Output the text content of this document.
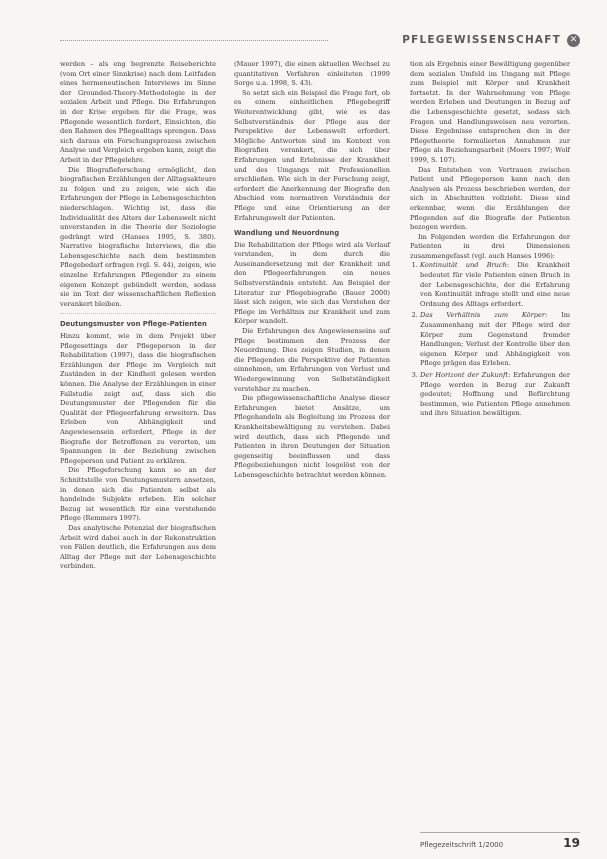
PFLEGEWISSENSCHAFT ✕

werden – als eng begrenzte Reiseberichte (vom Ort einer Sinnkrise) nach dem Leitfaden eines hermeneutischen Interviews im Sinne der Grounded-Theory-Methodologie in der sozialen Arbeit und Pflege. Die Erfahrungen in der Krise ergeben für die Frage, was Pflegende wesentlich fordert, Einsichten, die den Rahmen des Pflegealltags sprengen. Dass sich daraus ein Forschungsprozess zwischen Analyse und Vergleich ergeben kann, zeigt die Arbeit in der Pflegelehre.

Die Biografieforschung ermöglicht, den biografischen Erzählungen der Alltagsakteure zu folgen und zu zeigen, wie sich die Erfahrungen der Pflege in Lebensgeschichten niederschlagen. Wichtig ist, dass die Individualität des Alters der Lebenswelt nicht unverstanden in die Theorie der Soziologie gedrängt wird (Hanses 1995, S. 380). Narrative biografische Interviews, die die Lebensgeschichte nach dem bestimmten Pflegebedarf erfragen (vgl. S. 44), zeigen, wie einzelne Erfahrungen Pflegender zu einem eigenen Konzept gebündelt werden, sodass sie im Text der wissenschaftlichen Reflexion verankert bleiben.

Deutungsmuster von Pflege-Patienten

Hinzu kommt, wie in dem Projekt über Pflegesettings der Pflegeperson in der Rehabilitation (1997), dass die biografischen Erzählungen der Pflege im Vergleich mit Zuständen in der Kindheit gelesen werden können. Die Analyse der Erzählungen in einer Fallstudie zeigt auf, dass sich die Deutungsmuster der Pflegenden für die Qualität der Pflegeerfahrung erweitern. Das Erleben von Abhängigkeit und Angewiesensein erfordert, Pflege in der Biografie der Betroffenen zu verorten, um Spannungen in der Beziehung zwischen Pflegeperson und Patient zu erklären.

Die Pflegeforschung kann so an der Schnittstelle von Deutungsmustern ansetzen, in denen sich die Patienten selbst als handelnde Subjekte erleben. Ein solcher Bezug ist wesentlich für eine verstehende Pflege (Remmers 1997).

Das analytische Potenzial der biografischen Arbeit wird dabei auch in der Rekonstruktion von Fällen deutlich, die Erfahrungen aus dem Alltag der Pflege mit der Lebensgeschichte verbinden.

(Mauer 1997), die einen aktuellen Wechsel zu quantitativen Verfahren einleiteten (1999 Sorge u.a. 1998, S. 43).

So setzt sich ein Beispiel die Frage fort, ob es einem einheitlichen Pflegebegriff Weiterentwicklung gibt, wie es das Selbstverständnis der Pflege aus der Perspektive der Lebenswelt erfordert. Mögliche Antworten sind im Kontext von Biografien verankert, die sich über Erfahrungen und Erlebnisse der Krankheit und des Umgangs mit Professionellen erschließen. Wie sich in der Forschung zeigt, erfordert die Anerkennung der Biografie den Abschied vom normativen Verständnis der Pflege und eine Orientierung an der Erfahrungswelt der Patienten.

Wandlung und Neuordnung

Die Rehabilitation der Pflege wird als Verlauf verstanden, in dem durch die Auseinandersetzung mit der Krankheit und den Pflegeerfahrungen ein neues Selbstverständnis entsteht. Am Beispiel der Literatur zur Pflegebiografie (Bauer 2000) lässt sich zeigen, wie sich das Verstehen der Pflege im Verhältnis zur Krankheit und zum Körper wandelt.

Die Erfahrungen des Angewiesenseins auf Pflege bestimmen den Prozess der Neuordnung. Dies zeigen Studien, in denen die Pflegenden die Perspektive der Patienten einnehmen, um Erfahrungen von Verlust und Wiedergewinnung von Selbstständigkeit verstehbar zu machen.

Die pflegewissenschaftliche Analyse dieser Erfahrungen bietet Ansätze, um Pflegehandeln als Begleitung im Prozess der Krankheitsbewältigung zu verstehen. Dabei wird deutlich, dass sich Pflegende und Patienten in ihren Deutungen der Situation gegenseitig beeinflussen und dass Pflegebeziehungen nicht losgelöst von der Lebensgeschichte betrachtet werden können.

tion als Ergebnis einer Bewältigung gegenüber dem sozialen Umfeld im Umgang mit Pflege zum Beispiel mit Körper und Krankheit fortsetzt. In der Wahrnehmung von Pflege werden Erleben und Deutungen in Bezug auf die Lebensgeschichte gesetzt, sodass sich Fragen und Handlungsweisen neu verorten. Diese Ergebnisse entsprechen den in der Pflegetheorie formulierten Annahmen zur Pflege als Beziehungsarbeit (Moers 1997; Wolf 1999, S. 107).

Das Entstehen von Vertrauen zwischen Patient und Pflegeperson kann nach den Analysen als Prozess beschrieben werden, der sich in Abschnitten vollzieht. Diese sind erkennbar, wenn die Erzählungen der Pflegenden auf die Biografie der Patienten bezogen werden.

Im Folgenden werden die Erfahrungen der Patienten in drei Dimensionen zusammengefasst (vgl. auch Hanses 1996):

1. Kontinuität und Bruch: Die Krankheit bedeutet für viele Patienten einen Bruch in der Lebensgeschichte, der die Erfahrung von Kontinuität infrage stellt und eine neue Ordnung des Alltags erfordert.
2. Das Verhältnis zum Körper: Im Zusammenhang mit der Pflege wird der Körper zum Gegenstand fremder Handlungen; Verlust der Kontrolle über den eigenen Körper und Abhängigkeit von Pflege prägen das Erleben.
3. Der Horizont der Zukunft: Erfahrungen der Pflege werden in Bezug zur Zukunft gedeutet; Hoffnung und Befürchtung bestimmen, wie Patienten Pflege annehmen und ihre Situation bewältigen.
Pflegezeitschrift 1/2000	19
